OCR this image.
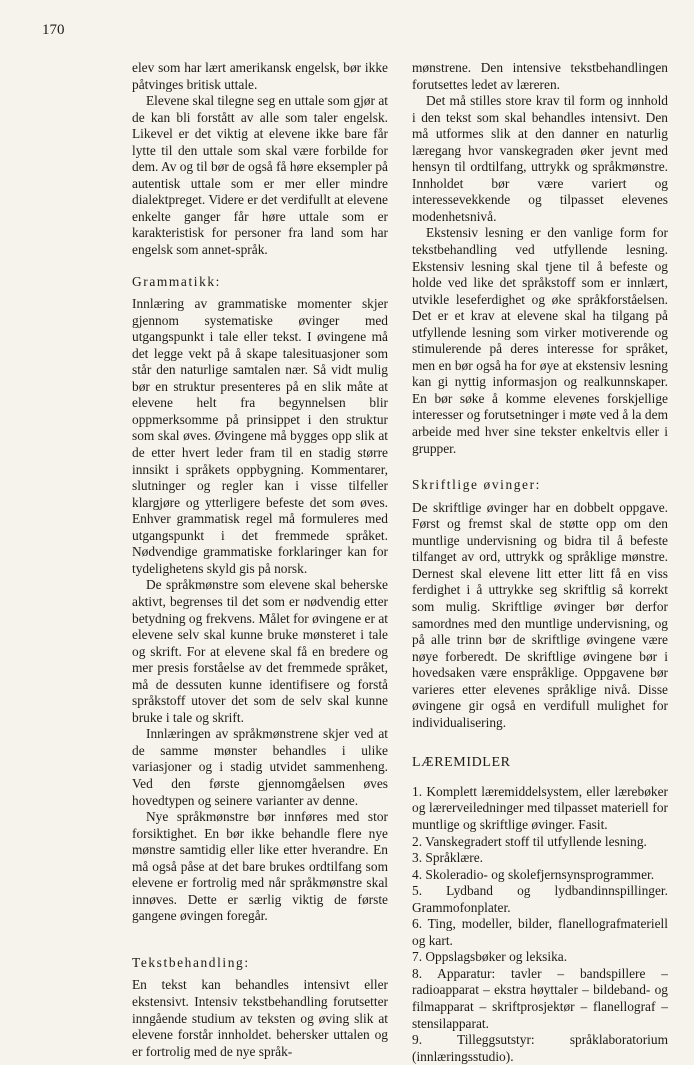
170

elev som har lært amerikansk engelsk, bør ikke påtvinges britisk uttale.

Elevene skal tilegne seg en uttale som gjør at de kan bli forstått av alle som taler engelsk. Likevel er det viktig at elevene ikke bare får lytte til den uttale som skal være forbilde for dem. Av og til bør de også få høre eksempler på autentisk uttale som er mer eller mindre dialektpreget. Videre er det verdifullt at elevene enkelte ganger får høre uttale som er karakteristisk for personer fra land som har engelsk som annet-språk.

Grammatikk:

Innlæring av grammatiske momenter skjer gjennom systematiske øvinger med utgangspunkt i tale eller tekst. I øvingene må det legge vekt på å skape talesituasjoner som står den naturlige samtalen nær. Så vidt mulig bør en struktur presenteres på en slik måte at elevene helt fra begynnelsen blir oppmerksomme på prinsippet i den struktur som skal øves. Øvingene må bygges opp slik at de etter hvert leder fram til en stadig større innsikt i språkets oppbygning. Kommentarer, slutninger og regler kan i visse tilfeller klargjøre og ytterligere befeste det som øves. Enhver grammatisk regel må formuleres med utgangspunkt i det fremmede språket. Nødvendige grammatiske forklaringer kan for tydelighetens skyld gis på norsk.

De språkmønstre som elevene skal beherske aktivt, begrenses til det som er nødvendig etter betydning og frekvens. Målet for øvingene er at elevene selv skal kunne bruke mønsteret i tale og skrift. For at elevene skal få en bredere og mer presis forståelse av det fremmede språket, må de dessuten kunne identifisere og forstå språkstoff utover det som de selv skal kunne bruke i tale og skrift.

Innlæringen av språkmønstrene skjer ved at de samme mønster behandles i ulike variasjoner og i stadig utvidet sammenheng. Ved den første gjennomgåelsen øves hovedtypen og seinere varianter av denne.

Nye språkmønstre bør innføres med stor forsiktighet. En bør ikke behandle flere nye mønstre samtidig eller like etter hverandre. En må også påse at det bare brukes ordtilfang som elevene er fortrolig med når språkmønstre skal innøves. Dette er særlig viktig de første gangene øvingen foregår.

Tekstbehandling:

En tekst kan behandles intensivt eller ekstensivt. Intensiv tekstbehandling forutsetter inngående studium av teksten og øving slik at elevene forstår innholdet. behersker uttalen og er fortrolig med de nye språk-

mønstrene. Den intensive tekstbehandlingen forutsettes ledet av læreren.

Det må stilles store krav til form og innhold i den tekst som skal behandles intensivt. Den må utformes slik at den danner en naturlig læregang hvor vanskegraden øker jevnt med hensyn til ordtilfang, uttrykk og språkmønstre. Innholdet bør være variert og interessevekkende og tilpasset elevenes modenhetsnivå.

Ekstensiv lesning er den vanlige form for tekstbehandling ved utfyllende lesning. Ekstensiv lesning skal tjene til å befeste og holde ved like det språkstoff som er innlært, utvikle leseferdighet og øke språkforståelsen. Det er et krav at elevene skal ha tilgang på utfyllende lesning som virker motiverende og stimulerende på deres interesse for språket, men en bør også ha for øye at ekstensiv lesning kan gi nyttig informasjon og realkunnskaper. En bør søke å komme elevenes forskjellige interesser og forutsetninger i møte ved å la dem arbeide med hver sine tekster enkeltvis eller i grupper.

Skriftlige øvinger:

De skriftlige øvinger har en dobbelt oppgave. Først og fremst skal de støtte opp om den muntlige undervisning og bidra til å befeste tilfanget av ord, uttrykk og språklige mønstre. Dernest skal elevene litt etter litt få en viss ferdighet i å uttrykke seg skriftlig så korrekt som mulig. Skriftlige øvinger bør derfor samordnes med den muntlige undervisning, og på alle trinn bør de skriftlige øvingene være nøye forberedt. De skriftlige øvingene bør i hovedsaken være enspråklige. Oppgavene bør varieres etter elevenes språklige nivå. Disse øvingene gir også en verdifull mulighet for individualisering.

LÆREMIDLER
1. Komplett læremiddelsystem, eller lærebøker og lærerveiledninger med tilpasset materiell for muntlige og skriftlige øvinger. Fasit.
2. Vanskegradert stoff til utfyllende lesning.
3. Språklære.
4. Skoleradio- og skolefjernsynsprogrammer.
5. Lydband og lydbandinnspillinger. Grammofonplater.
6. Ting, modeller, bilder, flanellografmateriell og kart.
7. Oppslagsbøker og leksika.
8. Apparatur: tavler – bandspillere – radioapparat – ekstra høyttaler – bildeband- og filmapparat – skriftprosjektør – flanellograf – stensilapparat.
9. Tilleggsutstyr: språklaboratorium (innlæringsstudio).
